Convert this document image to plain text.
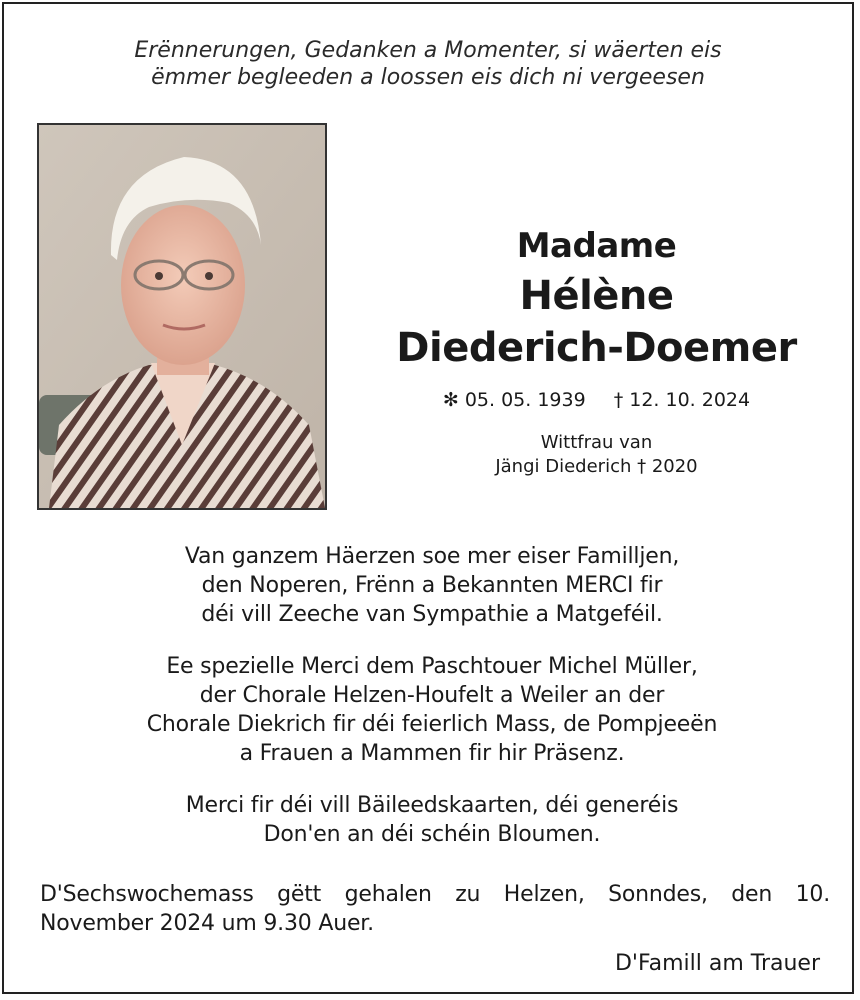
Erënnerungen, Gedanken a Momenter, si wäerten eis
ëmmer begleeden a loossen eis dich ni vergeesen
Madame
Hélène
Diederich-Doemer
✻ 05. 05. 1939 † 12. 10. 2024
Wittfrau van
Jängi Diederich † 2020
Van ganzem Häerzen soe mer eiser Familljen,
den Noperen, Frënn a Bekannten MERCI fir
déi vill Zeeche van Sympathie a Matgeféil.
Ee spezielle Merci dem Paschtouer Michel Müller,
der Chorale Helzen-Houfelt a Weiler an der
Chorale Diekrich fir déi feierlich Mass, de Pompjeeën
a Frauen a Mammen fir hir Präsenz.
Merci fir déi vill Bäileedskaarten, déi generéis
Don'en an déi schéin Bloumen.
D'Sechswochemass gëtt gehalen zu Helzen, Sonndes, den 10.
November 2024 um 9.30 Auer.
D'Famill am Trauer
